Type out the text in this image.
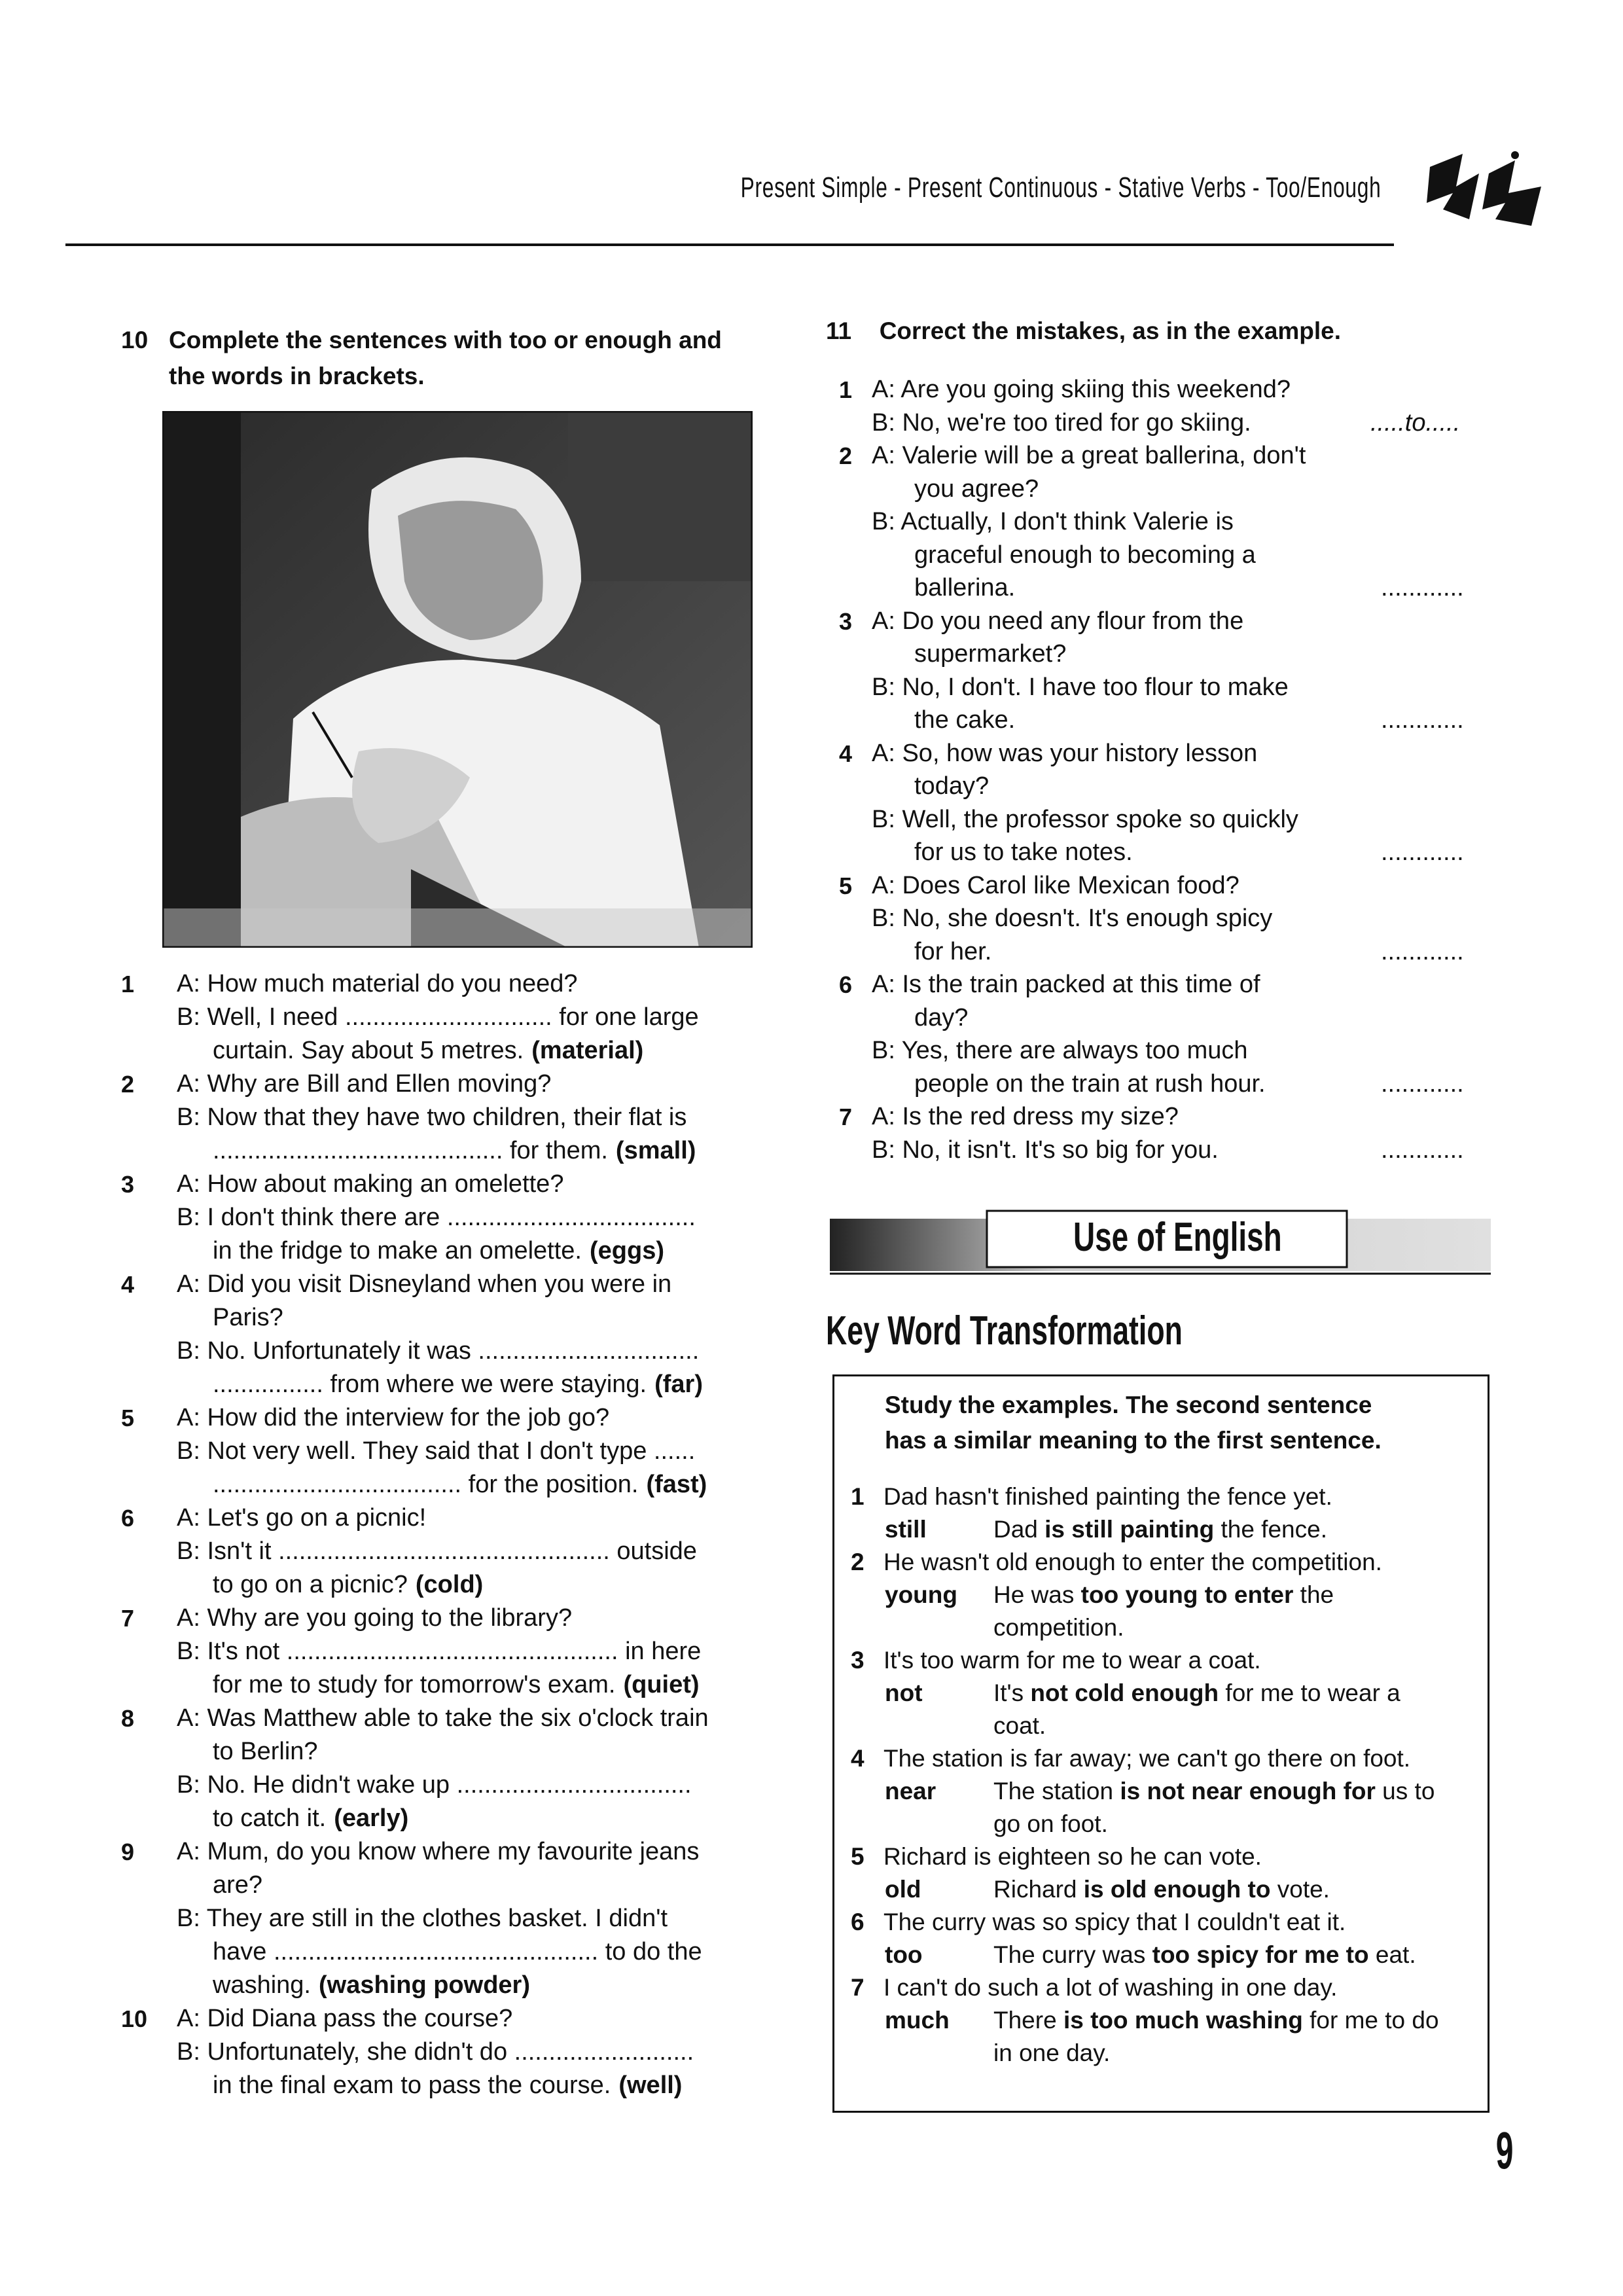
Present Simple - Present Continuous - Stative Verbs - Too/Enough
10 Complete the sentences with too or enough and
the words in brackets.
1 A: How much material do you need?
B: Well, I need .............................. for one large
curtain. Say about 5 metres. (material)
2 A: Why are Bill and Ellen moving?
B: Now that they have two children, their flat is
.......................................... for them. (small)
3 A: How about making an omelette?
B: I don't think there are ....................................
in the fridge to make an omelette. (eggs)
4 A: Did you visit Disneyland when you were in
Paris?
B: No. Unfortunately it was ................................
................ from where we were staying. (far)
5 A: How did the interview for the job go?
B: Not very well. They said that I don't type ......
.................................... for the position. (fast)
6 A: Let's go on a picnic!
B: Isn't it ................................................ outside
to go on a picnic? (cold)
7 A: Why are you going to the library?
B: It's not ................................................ in here
for me to study for tomorrow's exam. (quiet)
8 A: Was Matthew able to take the six o'clock train
to Berlin?
B: No. He didn't wake up ..................................
to catch it. (early)
9 A: Mum, do you know where my favourite jeans
are?
B: They are still in the clothes basket. I didn't
have ............................................... to do the
washing. (washing powder)
10 A: Did Diana pass the course?
B: Unfortunately, she didn't do ..........................
in the final exam to pass the course. (well)
11 Correct the mistakes, as in the example.
1 A: Are you going skiing this weekend?
B: No, we're too tired for go skiing.	.....to.....
2 A: Valerie will be a great ballerina, don't
you agree?
B: Actually, I don't think Valerie is
graceful enough to becoming a
ballerina.	............
3 A: Do you need any flour from the
supermarket?
B: No, I don't. I have too flour to make
the cake.	............
4 A: So, how was your history lesson
today?
B: Well, the professor spoke so quickly
for us to take notes.	............
5 A: Does Carol like Mexican food?
B: No, she doesn't. It's enough spicy
for her.	............
6 A: Is the train packed at this time of
day?
B: Yes, there are always too much
people on the train at rush hour.	............
7 A: Is the red dress my size?
B: No, it isn't. It's so big for you.	............
Use of English
Key Word Transformation
Study the examples. The second sentence
has a similar meaning to the first sentence.
1 Dad hasn't finished painting the fence yet.
still	Dad is still painting the fence.
2 He wasn't old enough to enter the competition.
young He was too young to enter the
competition.
3 It's too warm for me to wear a coat.
not	It's not cold enough for me to wear a
coat.
4 The station is far away; we can't go there on foot.
near The station is not near enough for us to
go on foot.
5 Richard is eighteen so he can vote.
old	Richard is old enough to vote.
6 The curry was so spicy that I couldn't eat it.
too	The curry was too spicy for me to eat.
7 I can't do such a lot of washing in one day.
much There is too much washing for me to do
in one day.
9
